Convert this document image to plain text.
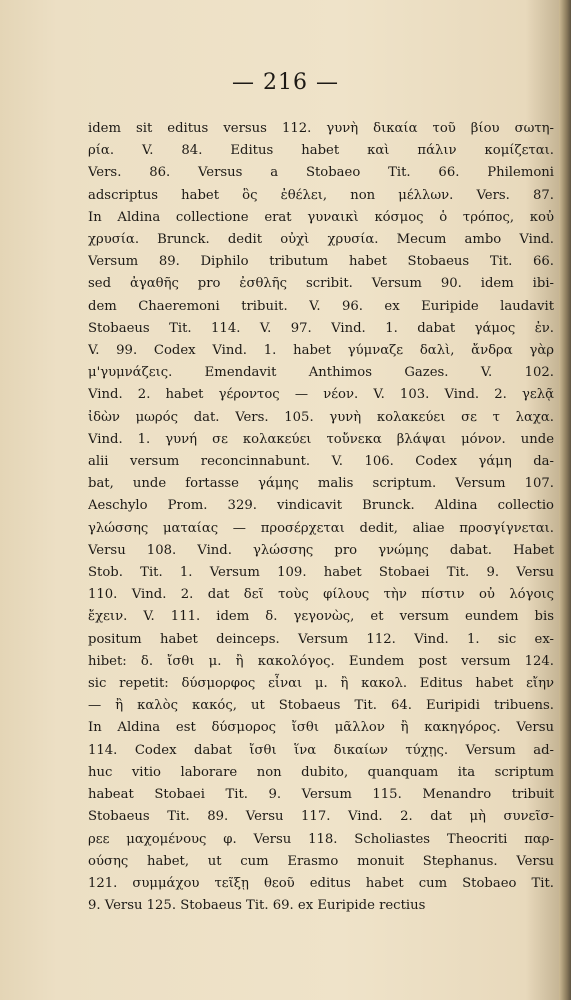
— 216 —
idem sit editus versus 112. γυνὴ δικαία τοῦ βίου σωτη-
ρία. V. 84. Editus habet καὶ πάλιν κομίζεται.
Vers. 86. Versus a Stobaeo Tit. 66. Philemoni
adscriptus habet ὃς ἐθέλει, non μέλλων. Vers. 87.
In Aldina collectione erat γυναικὶ κόσμος ὁ τρόπος, κοὐ
χρυσία. Brunck. dedit οὐχὶ χρυσία. Mecum ambo Vind.
Versum 89. Diphilo tributum habet Stobaeus Tit. 66.
sed ἀγαθῆς pro ἐσθλῆς scribit. Versum 90. idem ibi-
dem Chaeremoni tribuit. V. 96. ex Euripide laudavit
Stobaeus Tit. 114. V. 97. Vind. 1. dabat γάμος ἐν.
V. 99. Codex Vind. 1. habet γύμναζε δαλὶ, ἄνδρα γὰρ
μ'γυμνάζεις. Emendavit Anthimos Gazes. V. 102.
Vind. 2. habet γέροντος — νέον. V. 103. Vind. 2. γελᾷ
ἰδὼν μωρός dat. Vers. 105. γυνὴ κολακεύει σε τ λαχα.
Vind. 1. γυνή σε κολακεύει τοὔνεκα βλάψαι μόνον. unde
alii versum reconcinnabunt. V. 106. Codex γάμη da-
bat, unde fortasse γάμης malis scriptum. Versum 107.
Aeschylo Prom. 329. vindicavit Brunck. Aldina collectio
γλώσσης ματαίας — προσέρχεται dedit, aliae προσγίγνεται.
Versu 108. Vind. γλώσσης pro γνώμης dabat. Habet
Stob. Tit. 1. Versum 109. habet Stobaei Tit. 9. Versu
110. Vind. 2. dat δεῖ τοὺς φίλους τὴν πίστιν οὐ λόγοις
ἔχειν. V. 111. idem δ. γεγονὼς, et versum eundem bis
positum habet deinceps. Versum 112. Vind. 1. sic ex-
hibet: δ. ἴσθι μ. ἢ κακολόγος. Eundem post versum 124.
sic repetit: δύσμορφος εἶναι μ. ἢ κακολ. Editus habet εἴην
— ἢ καλὸς κακός, ut Stobaeus Tit. 64. Euripidi tribuens.
In Aldina est δύσμορος ἴσθι μᾶλλον ἢ κακηγόρος. Versu
114. Codex dabat ἴσθι ἵνα δικαίων τύχῃς. Versum ad-
huc vitio laborare non dubito, quanquam ita scriptum
habeat Stobaei Tit. 9. Versum 115. Menandro tribuit
Stobaeus Tit. 89. Versu 117. Vind. 2. dat μὴ συνεῖσ-
ρεε μαχομένους φ. Versu 118. Scholiastes Theocriti παρ-
ούσης habet, ut cum Erasmo monuit Stephanus. Versu
121. συμμάχου τεῖξῃ θεοῦ editus habet cum Stobaeo Tit.
9. Versu 125. Stobaeus Tit. 69. ex Euripide rectius
